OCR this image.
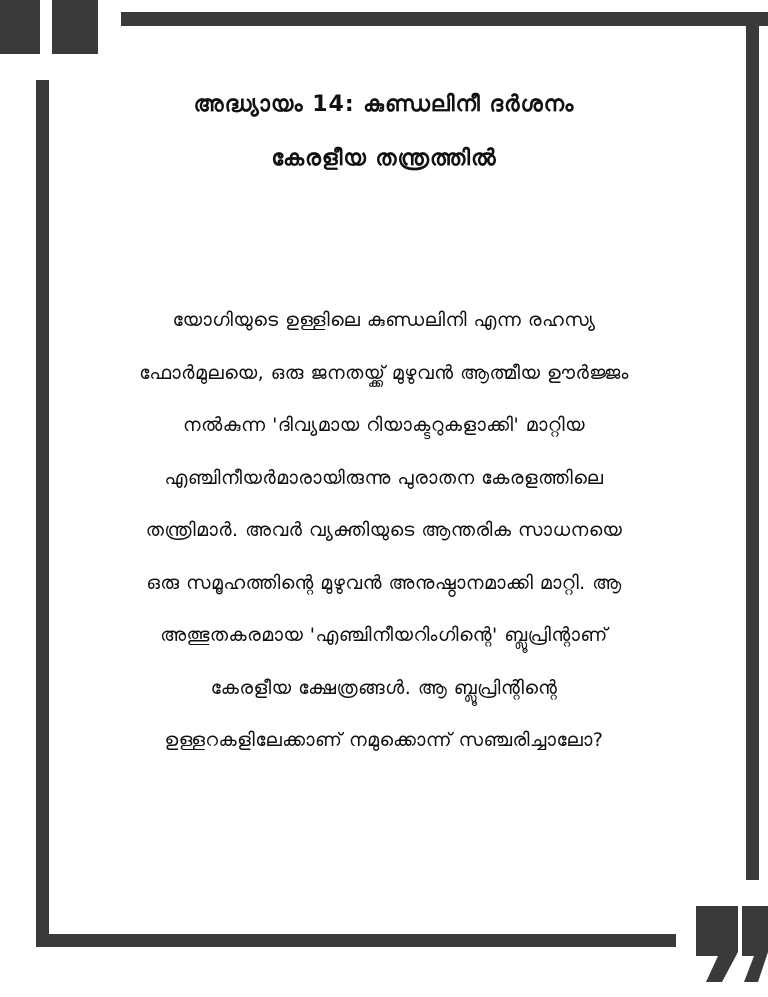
അദ്ധ്യായം 14: കുണ്ഡലിനീ ദർശനം
കേരളീയ തന്ത്രത്തിൽ
യോഗിയുടെ ഉള്ളിലെ കുണ്ഡലിനി എന്ന രഹസ്യ
ഫോർമുലയെ, ഒരു ജനതയ്ക്ക് മുഴുവൻ ആത്മീയ ഊർജ്ജം
നൽകുന്ന 'ദിവ്യമായ റിയാക്ടറുകളാക്കി' മാറ്റിയ
എഞ്ചിനീയർമാരായിരുന്നു പുരാതന കേരളത്തിലെ
തന്ത്രിമാർ. അവർ വ്യക്തിയുടെ ആന്തരിക സാധനയെ
ഒരു സമൂഹത്തിന്റെ മുഴുവൻ അനുഷ്ഠാനമാക്കി മാറ്റി. ആ
അത്ഭുതകരമായ 'എഞ്ചിനീയറിംഗിന്റെ' ബ്ലൂപ്രിന്റാണ്
കേരളീയ ക്ഷേത്രങ്ങൾ. ആ ബ്ലൂപ്രിന്റിന്റെ
ഉള്ളറകളിലേക്കാണ് നമുക്കൊന്ന് സഞ്ചരിച്ചാലോ?
